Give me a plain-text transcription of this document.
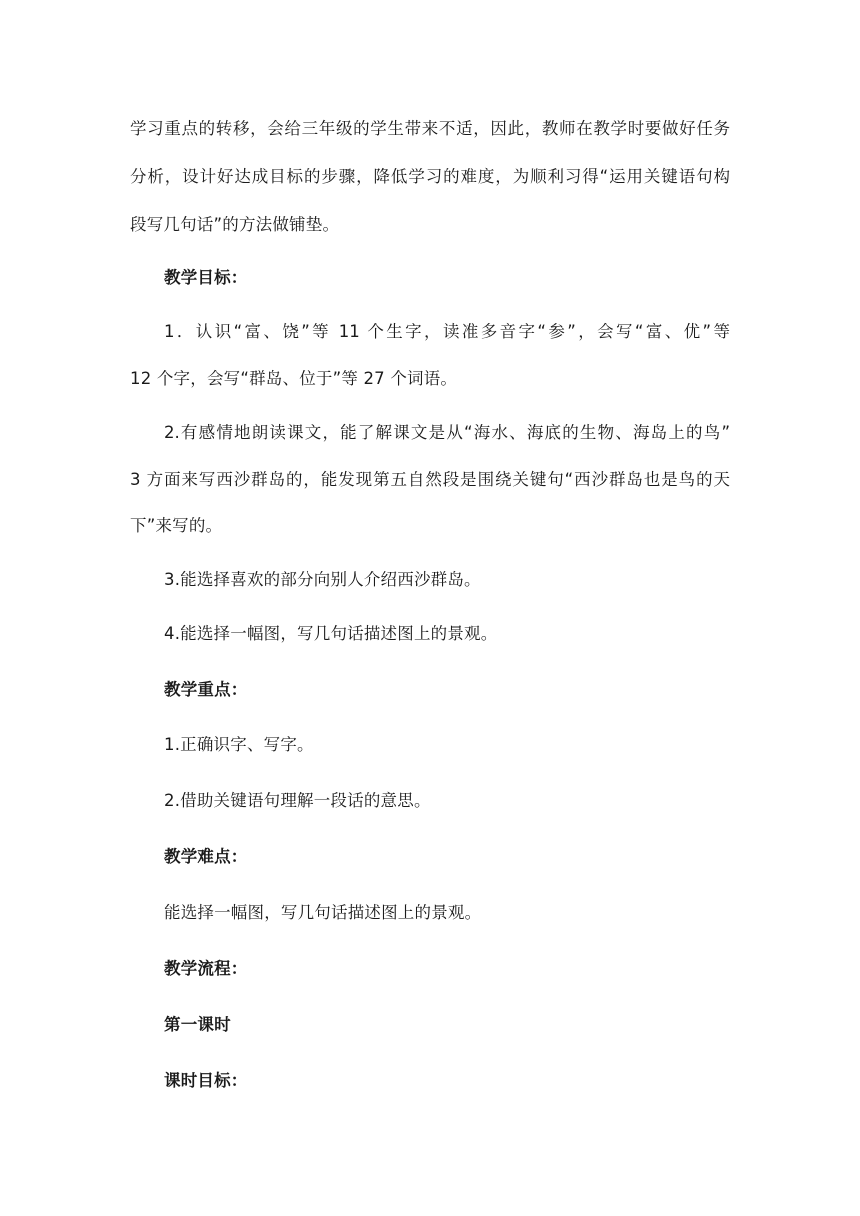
学习重点的转移，会给三年级的学生带来不适，因此，教师在教学时要做好任务
分析，设计好达成目标的步骤，降低学习的难度，为顺利习得“运用关键语句构
段写几句话”的方法做铺垫。
教学目标：
1．认识“富、饶”等 11 个生字，读准多音字“参”，会写“富、优”等
12 个字，会写“群岛、位于”等 27 个词语。
2.有感情地朗读课文，能了解课文是从“海水、海底的生物、海岛上的鸟”
3 方面来写西沙群岛的，能发现第五自然段是围绕关键句“西沙群岛也是鸟的天
下”来写的。
3.能选择喜欢的部分向别人介绍西沙群岛。
4.能选择一幅图，写几句话描述图上的景观。
教学重点：
1.正确识字、写字。
2.借助关键语句理解一段话的意思。
教学难点：
能选择一幅图，写几句话描述图上的景观。
教学流程：
第一课时
课时目标：
